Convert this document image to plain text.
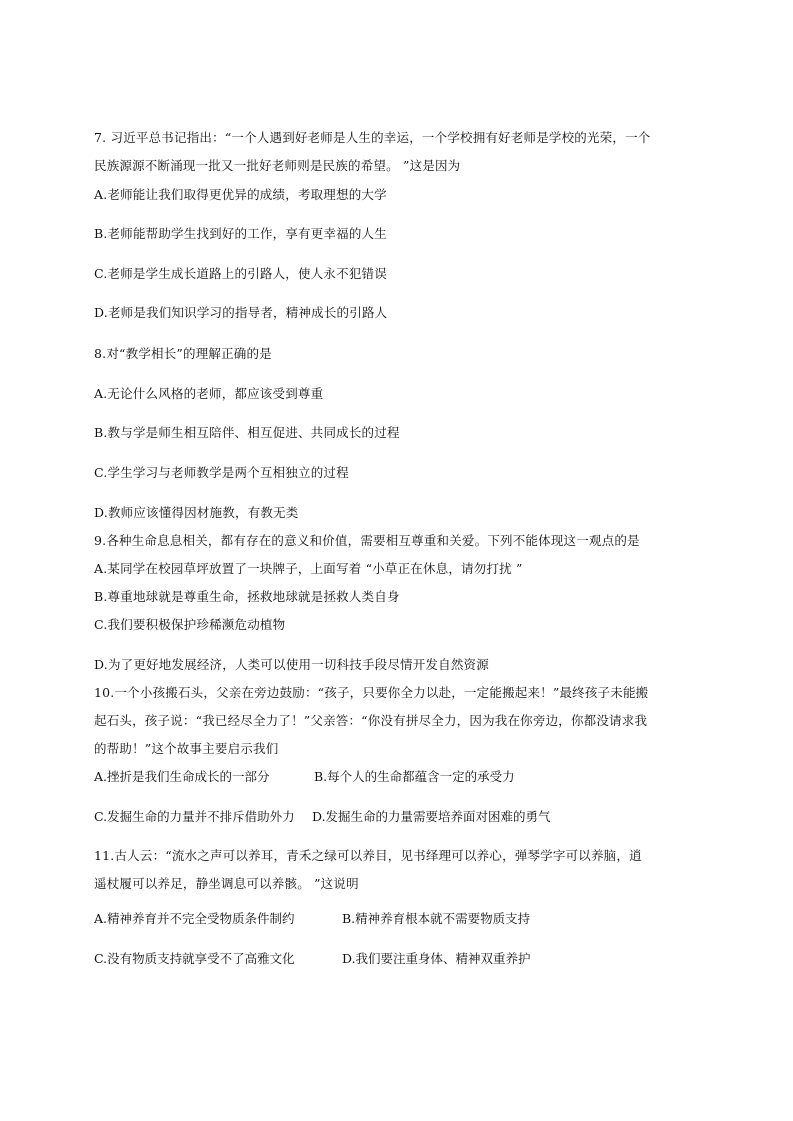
7. 习近平总书记指出：“一个人遇到好老师是人生的幸运，一个学校拥有好老师是学校的光荣，一个
民族源源不断涌现一批又一批好老师则是民族的希望。 ”这是因为
A.老师能让我们取得更优异的成绩，考取理想的大学
B.老师能帮助学生找到好的工作，享有更幸福的人生
C.老师是学生成长道路上的引路人，使人永不犯错误
D.老师是我们知识学习的指导者，精神成长的引路人
8.对“教学相长”的理解正确的是
A.无论什么风格的老师，都应该受到尊重
B.教与学是师生相互陪伴、相互促进、共同成长的过程
C.学生学习与老师教学是两个互相独立的过程
D.教师应该懂得因材施教，有教无类
9.各种生命息息相关，都有存在的意义和价值，需要相互尊重和关爱。下列不能体现这一观点的是
A.某同学在校园草坪放置了一块牌子，上面写着 “小草正在休息，请勿打扰 ”
B.尊重地球就是尊重生命，拯救地球就是拯救人类自身
C.我们要积极保护珍稀濒危动植物
D.为了更好地发展经济，人类可以使用一切科技手段尽情开发自然资源
10.一个小孩搬石头，父亲在旁边鼓励：“孩子，只要你全力以赴，一定能搬起来！”最终孩子未能搬
起石头，孩子说：“我已经尽全力了！”父亲答：“你没有拼尽全力，因为我在你旁边，你都没请求我
的帮助！”这个故事主要启示我们
A.挫折是我们生命成长的一部分	B.每个人的生命都蕴含一定的承受力
C.发掘生命的力量并不排斥借助外力 D.发掘生命的力量需要培养面对困难的勇气
11.古人云：“流水之声可以养耳，青禾之绿可以养目，见书绎理可以养心，弹琴学字可以养脑，逍
遥杖履可以养足，静坐调息可以养骸。 ”这说明
A.精神养育并不完全受物质条件制约	B.精神养育根本就不需要物质支持
C.没有物质支持就享受不了高雅文化	D.我们要注重身体、精神双重养护
